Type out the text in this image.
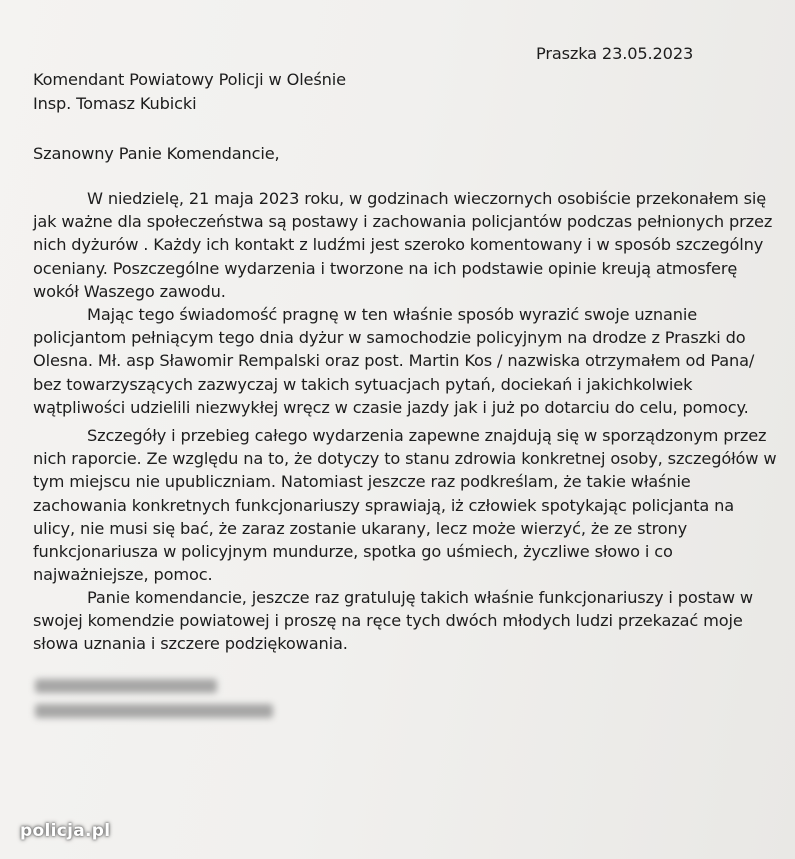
Praszka 23.05.2023
Komendant Powiatowy Policji w Oleśnie
Insp. Tomasz Kubicki
Szanowny Panie Komendancie,
W niedzielę, 21 maja 2023 roku, w godzinach wieczornych osobiście przekonałem się
jak ważne dla społeczeństwa są postawy i zachowania policjantów podczas pełnionych przez
nich dyżurów . Każdy ich kontakt z ludźmi jest szeroko komentowany i w sposób szczególny
oceniany. Poszczególne wydarzenia i tworzone na ich podstawie opinie kreują atmosferę
wokół Waszego zawodu.
Mając tego świadomość pragnę w ten właśnie sposób wyrazić swoje uznanie
policjantom pełniącym tego dnia dyżur w samochodzie policyjnym na drodze z Praszki do
Olesna. Mł. asp Sławomir Rempalski oraz post. Martin Kos / nazwiska otrzymałem od Pana/
bez towarzyszących zazwyczaj w takich sytuacjach pytań, dociekań i jakichkolwiek
wątpliwości udzielili niezwykłej wręcz w czasie jazdy jak i już po dotarciu do celu, pomocy.
Szczegóły i przebieg całego wydarzenia zapewne znajdują się w sporządzonym przez
nich raporcie. Ze względu na to, że dotyczy to stanu zdrowia konkretnej osoby, szczegółów w
tym miejscu nie upubliczniam. Natomiast jeszcze raz podkreślam, że takie właśnie
zachowania konkretnych funkcjonariuszy sprawiają, iż człowiek spotykając policjanta na
ulicy, nie musi się bać, że zaraz zostanie ukarany, lecz może wierzyć, że ze strony
funkcjonariusza w policyjnym mundurze, spotka go uśmiech, życzliwe słowo i co
najważniejsze, pomoc.
Panie komendancie, jeszcze raz gratuluję takich właśnie funkcjonariuszy i postaw w
swojej komendzie powiatowej i proszę na ręce tych dwóch młodych ludzi przekazać moje
słowa uznania i szczere podziękowania.
policja.pl
